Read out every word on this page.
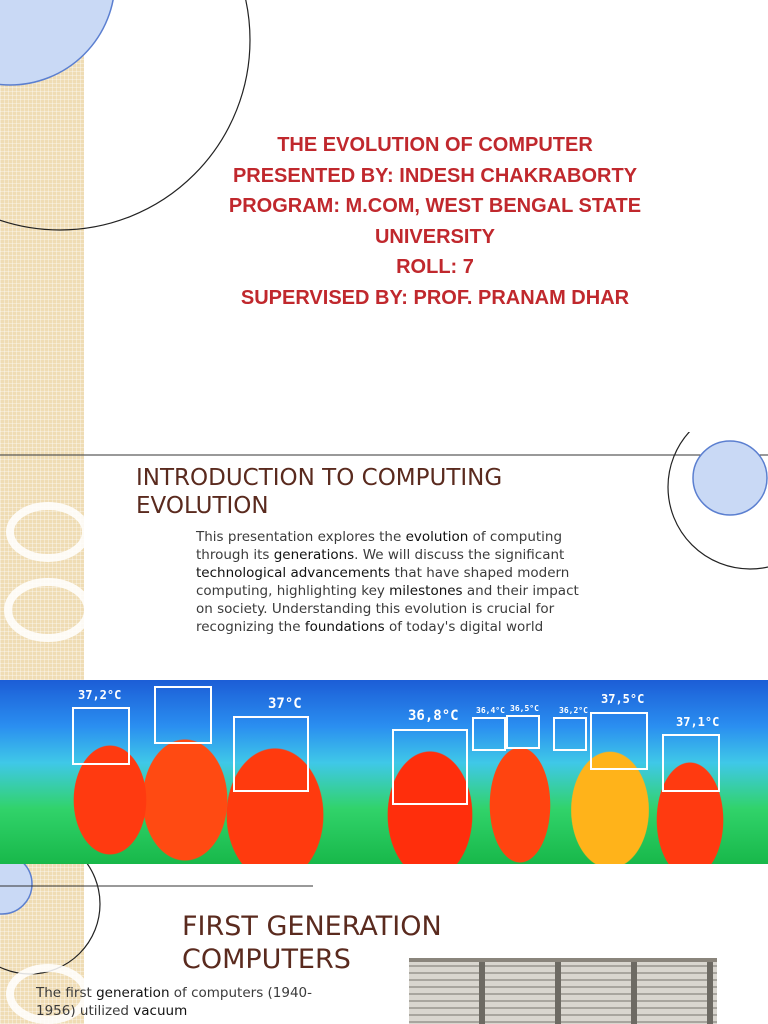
THE EVOLUTION OF COMPUTER
PRESENTED BY: INDESH CHAKRABORTY
PROGRAM: M.COM, WEST BENGAL STATE
UNIVERSITY
ROLL: 7
SUPERVISED BY: PROF. PRANAM DHAR
INTRODUCTION TO COMPUTING
EVOLUTION

This presentation explores the evolution of computing through its generations. We will discuss the significant technological advancements that have shaped modern computing, highlighting key milestones and their impact on society. Understanding this evolution is crucial for recognizing the foundations of today's digital world

37,2°C
37°C
36,8°C 36,4°C 36,5°C	36,2°C
37,5°C
37,1°C
FIRST GENERATION
COMPUTERS

The first generation of computers (1940-1956) utilized vacuum
